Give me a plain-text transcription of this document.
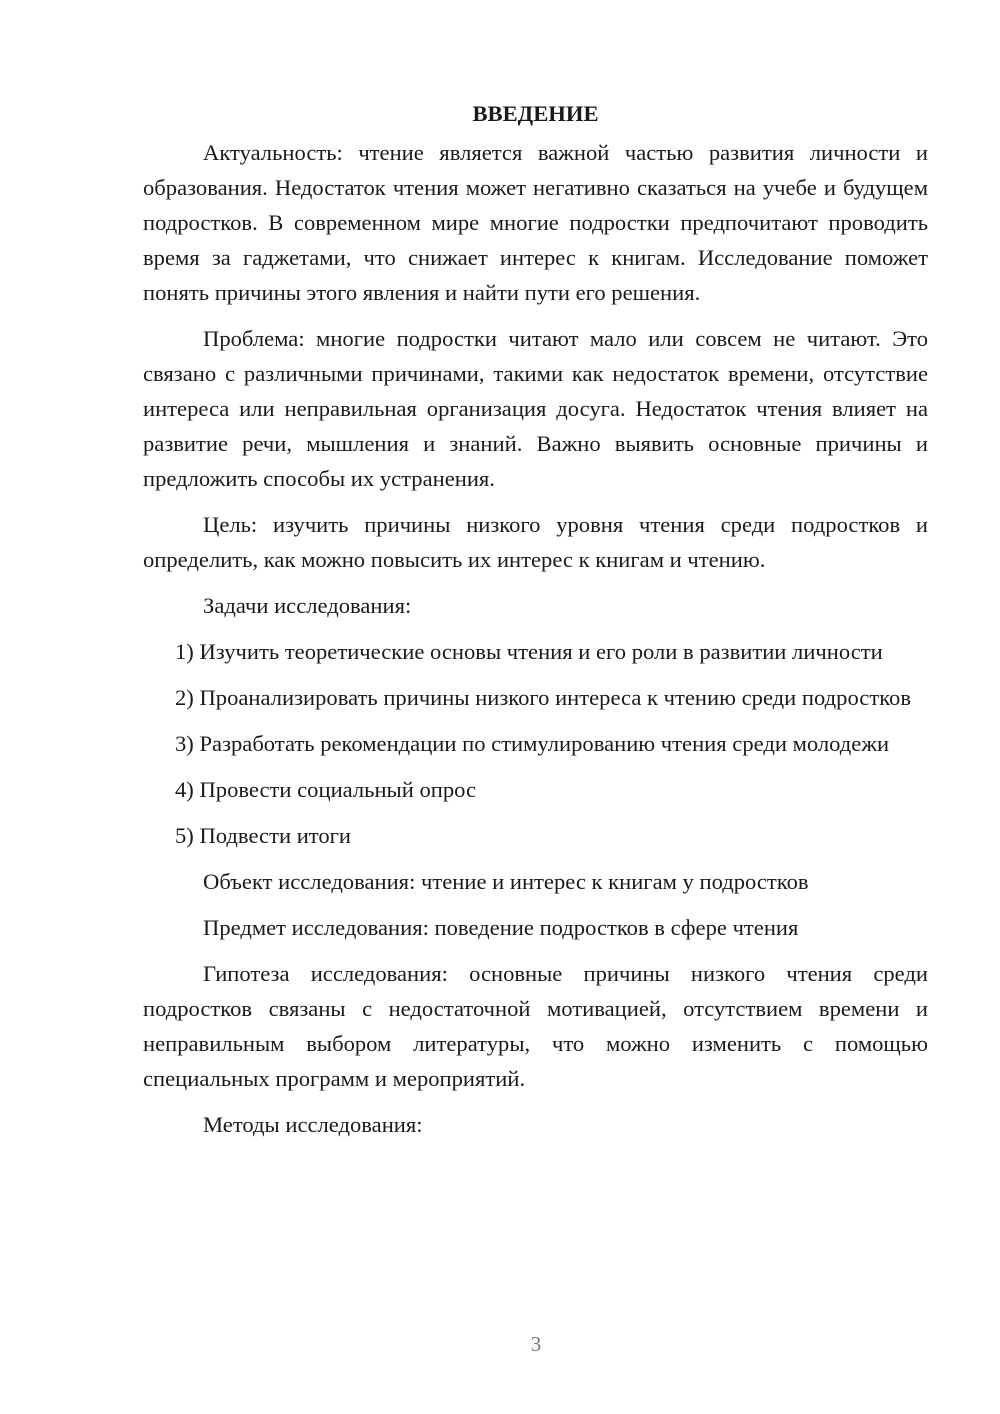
ВВЕДЕНИЕ

Актуальность: чтение является важной частью развития личности и образования. Недостаток чтения может негативно сказаться на учебе и будущем подростков. В современном мире многие подростки предпочитают проводить время за гаджетами, что снижает интерес к книгам. Исследование поможет понять причины этого явления и найти пути его решения.

Проблема: многие подростки читают мало или совсем не читают. Это связано с различными причинами, такими как недостаток времени, отсутствие интереса или неправильная организация досуга. Недостаток чтения влияет на развитие речи, мышления и знаний. Важно выявить основные причины и предложить способы их устранения.

Цель: изучить причины низкого уровня чтения среди подростков и определить, как можно повысить их интерес к книгам и чтению.

Задачи исследования:

1) Изучить теоретические основы чтения и его роли в развитии личности

2) Проанализировать причины низкого интереса к чтению среди подростков

3) Разработать рекомендации по стимулированию чтения среди молодежи

4) Провести социальный опрос

5) Подвести итоги

Объект исследования: чтение и интерес к книгам у подростков

Предмет исследования: поведение подростков в сфере чтения

Гипотеза исследования: основные причины низкого чтения среди подростков связаны с недостаточной мотивацией, отсутствием времени и неправильным выбором литературы, что можно изменить с помощью специальных программ и мероприятий.

Методы исследования:

3
